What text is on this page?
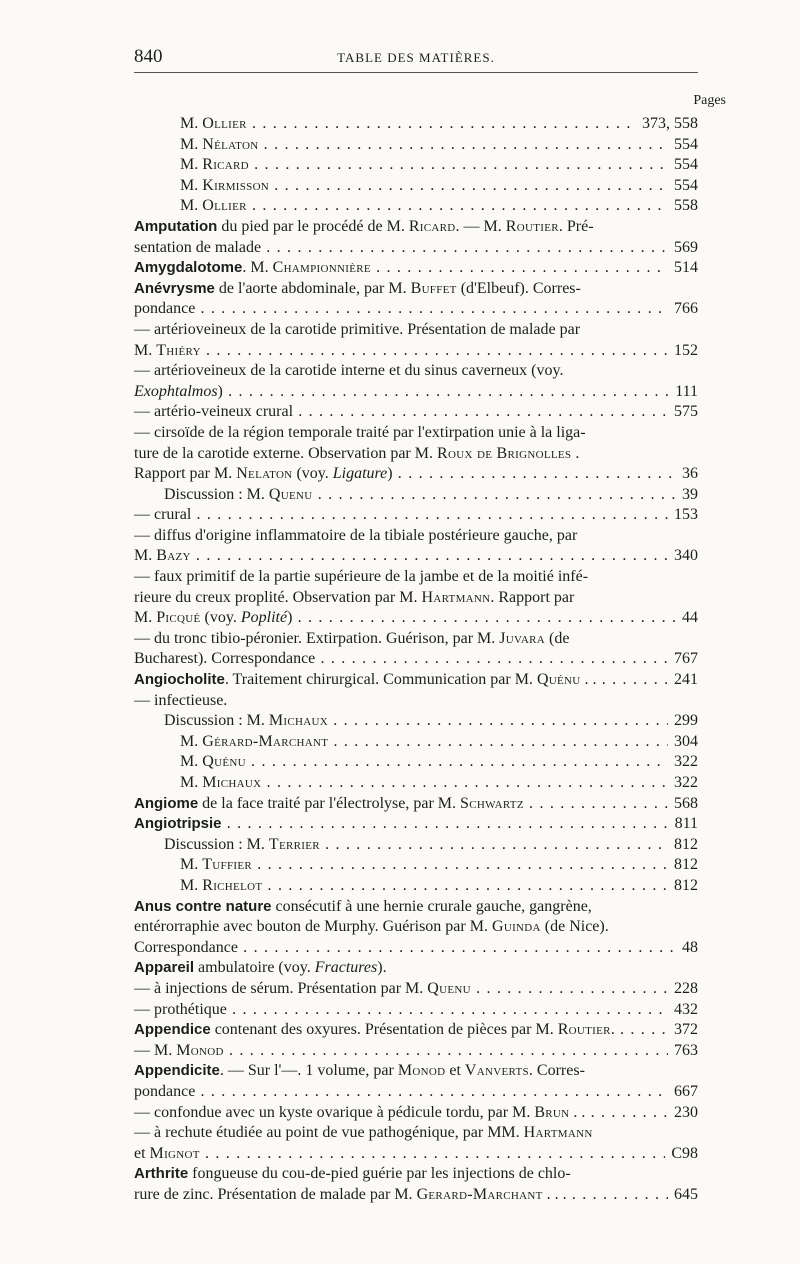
840	TABLE DES MATIÈRES.
Pages
M. Ollier . . .	373, 558
M. Nélaton . . .	554
M. Ricard . . .	554
M. Kirmisson . . .	554
M. Ollier . . .	558
Amputation du pied par le procédé de M. Ricard. — M. Routier. Pré-
sentation de malade . . .	569
Amygdalotome. M. Championnière . . .	514
Anévrysme de l'aorte abdominale, par M. Buffet (d'Elbeuf). Corres-
pondance . . .	766
— artérioveineux de la carotide primitive. Présentation de malade par
M. Thiéry . . .	152
— artérioveineux de la carotide interne et du sinus caverneux (voy.
Exophtalmos) . . .	111
— artério-veineux crural . . .	575
— cirsoïde de la région temporale traité par l'extirpation unie à la liga-
ture de la carotide externe. Observation par M. Roux de Brignolles .
Rapport par M. Nelaton (voy. Ligature) . . .	36
Discussion : M. Quenu . . .	39
— crural . . .	153
— diffus d'origine inflammatoire de la tibiale postérieure gauche, par
M. Bazy . . .	340
— faux primitif de la partie supérieure de la jambe et de la moitié infé-
rieure du creux proplité. Observation par M. Hartmann. Rapport par
M. Picqué (voy. Poplité) . . .	44
— du tronc tibio-péronier. Extirpation. Guérison, par M. Juvara (de
Bucharest). Correspondance . . .	767
Angiocholite. Traitement chirurgical. Communication par M. Quénu . . . . .	241
— infectieuse.
Discussion : M. Michaux . . .	299
M. Gérard-Marchant . . .	304
M. Quénu . . .	322
M. Michaux . . .	322
Angiome de la face traité par l'électrolyse, par M. Schwartz . . .	568
Angiotripsie . . .	811
Discussion : M. Terrier . . .	812
M. Tuffier . . .	812
M. Richelot . . .	812
Anus contre nature consécutif à une hernie crurale gauche, gangrène,
entérorraphie avec bouton de Murphy. Guérison par M. Guinda (de Nice).
Correspondance . . .	48
Appareil ambulatoire (voy. Fractures).
— à injections de sérum. Présentation par M. Quenu . . .	228
— prothétique . . .	432
Appendice contenant des oxyures. Présentation de pièces par M. Routier. . . .	372
— M. Monod . . .	763
Appendicite. — Sur l'—. 1 volume, par Monod et Vanverts. Corres-
pondance . . .	667
— confondue avec un kyste ovarique à pédicule tordu, par M. Brun . . . . .	230
— à rechute étudiée au point de vue pathogénique, par MM. Hartmann
et Mignot . . .	C98
Arthrite fongueuse du cou-de-pied guérie par les injections de chlo-
rure de zinc. Présentation de malade par M. Gerard-Marchant . . . . . .	645
